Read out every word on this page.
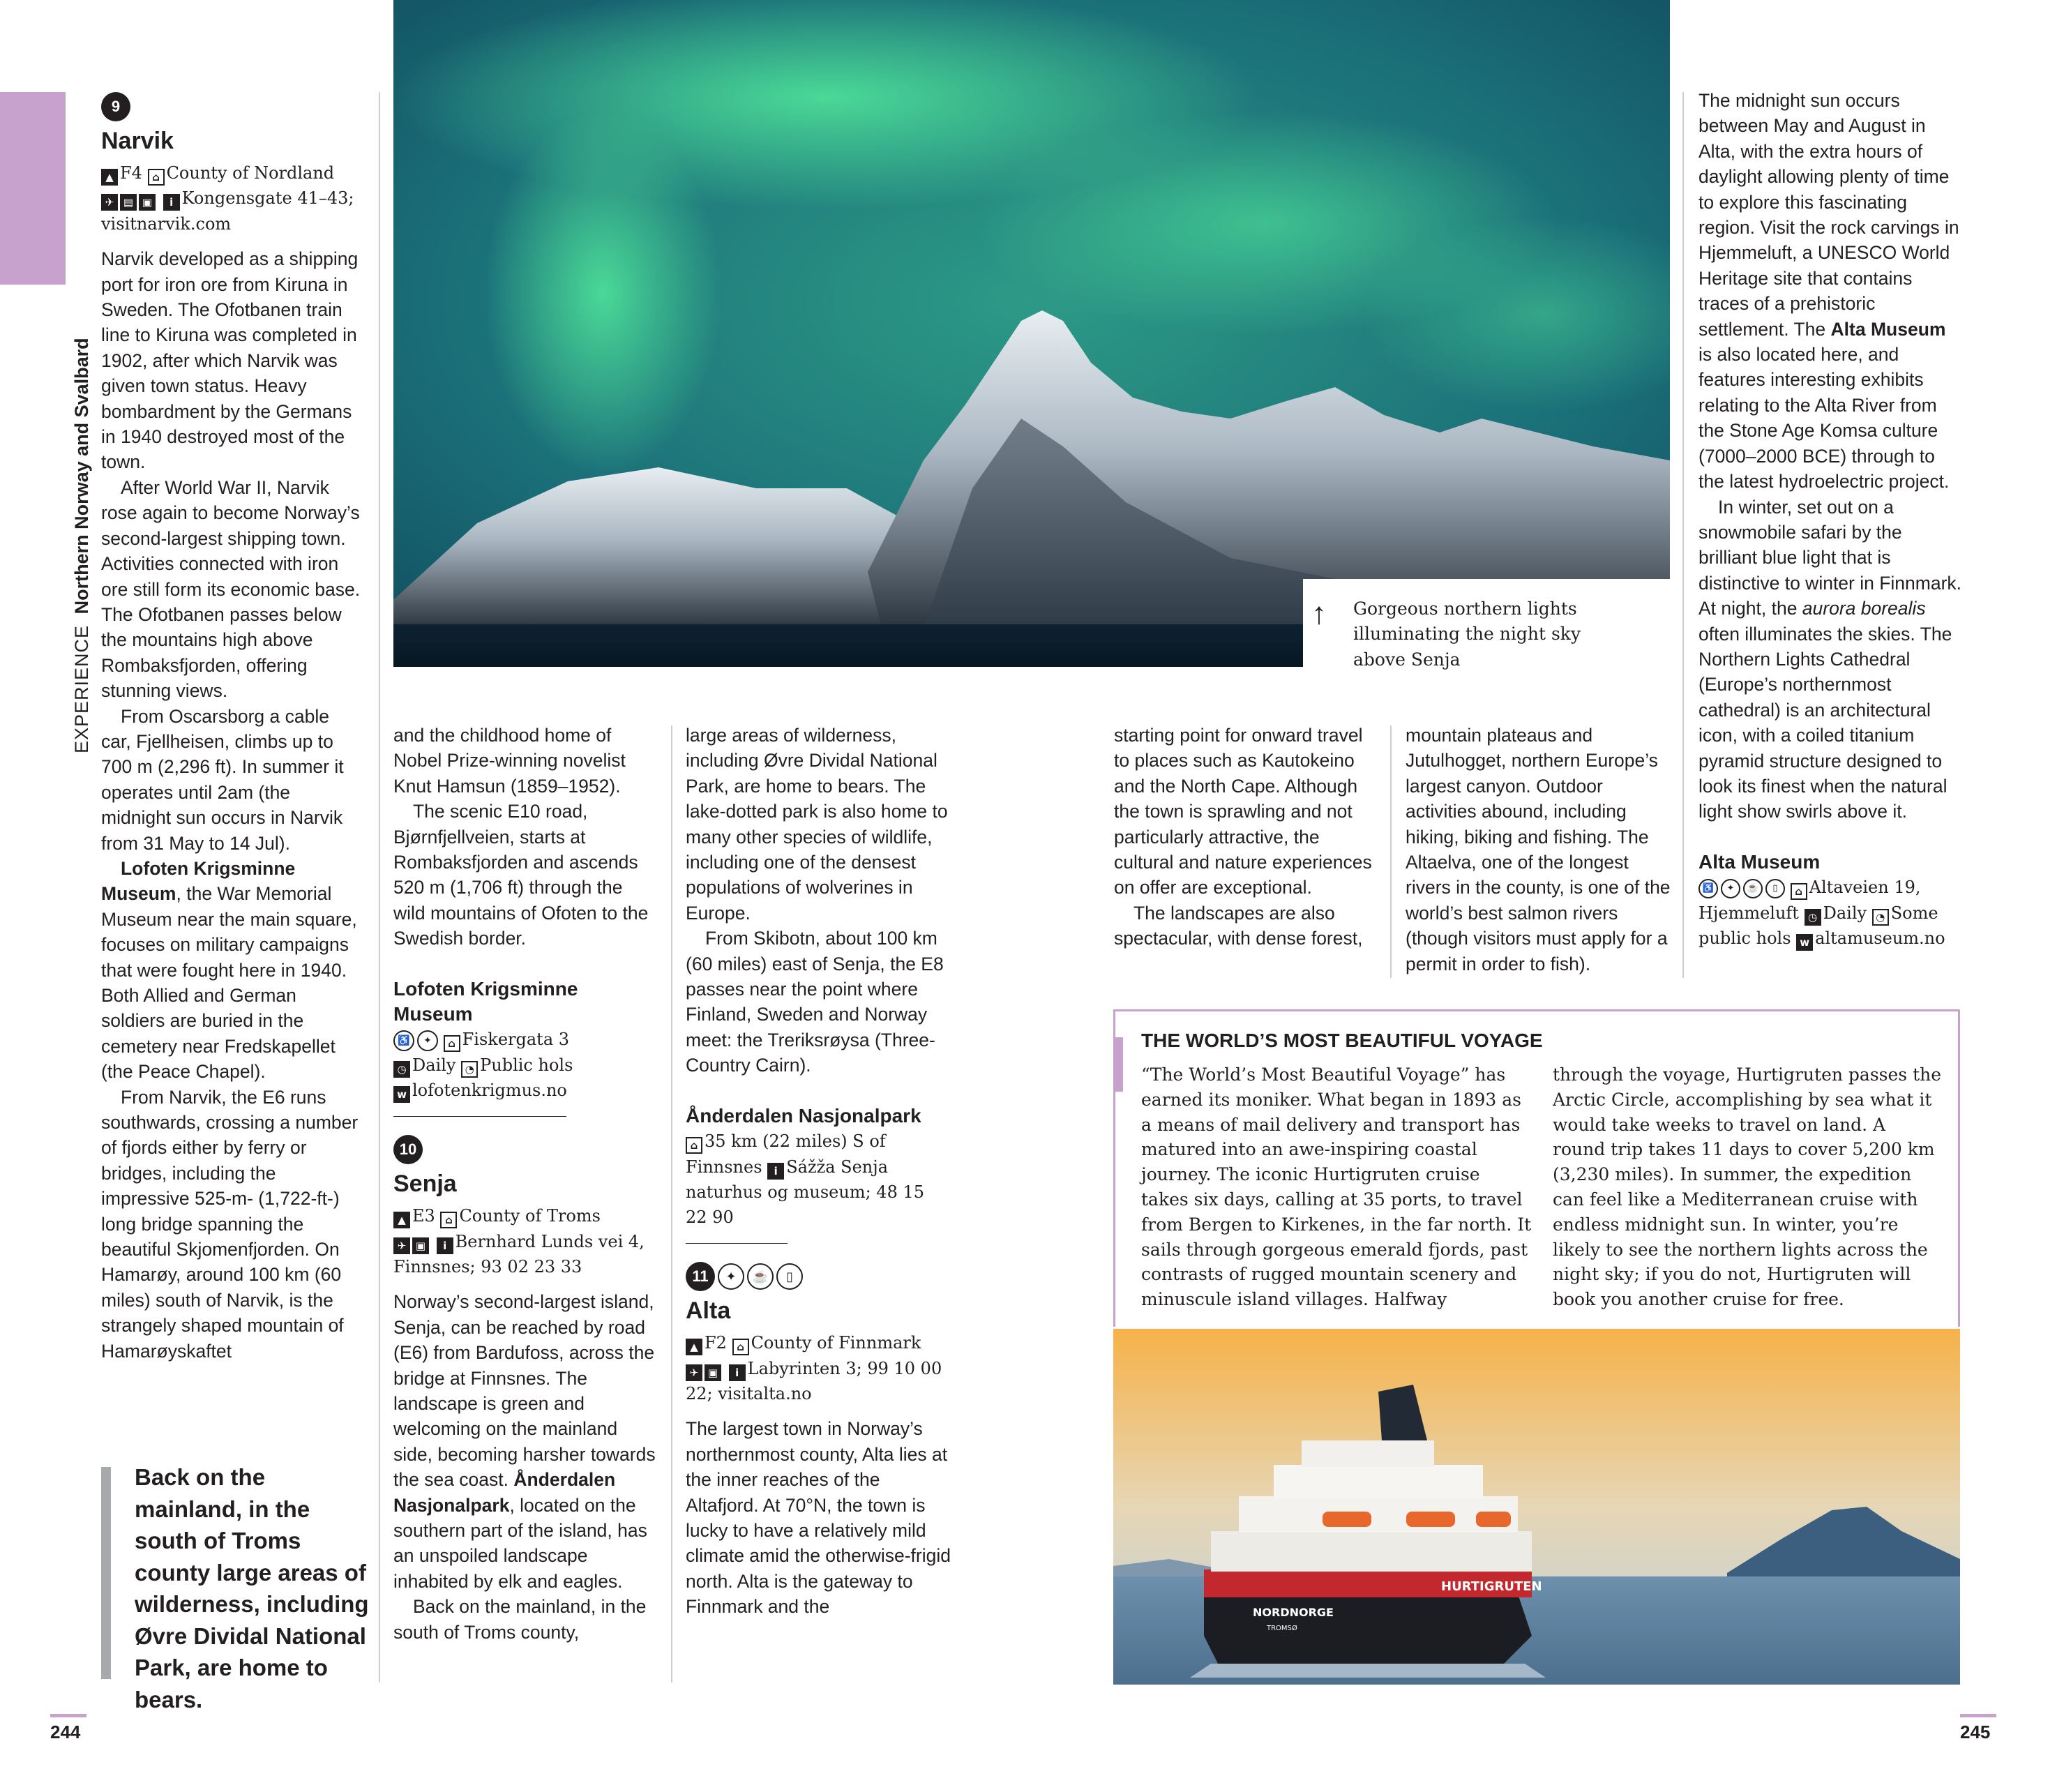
EXPERIENCE Northern Norway and Svalbard
9
Narvik
▲ F4 ⌂ County of Nordland
✈ ▤ ▣ i Kongensgate 41–43; visitnarvik.com

Narvik developed as a shipping port for iron ore from Kiruna in Sweden. The Ofotbanen train line to Kiruna was completed in 1902, after which Narvik was given town status. Heavy bombardment by the Germans in 1940 destroyed most of the town.

After World War II, Narvik rose again to become Norway’s second-largest shipping town. Activities connected with iron ore still form its economic base. The Ofotbanen passes below the mountains high above Rombaksfjorden, offering stunning views.

From Oscarsborg a cable car, Fjellheisen, climbs up to 700 m (2,296 ft). In summer it operates until 2am (the midnight sun occurs in Narvik from 31 May to 14 Jul).

Lofoten Krigsminne Museum, the War Memorial Museum near the main square, focuses on military campaigns that were fought here in 1940. Both Allied and German soldiers are buried in the cemetery near Fredskapellet (the Peace Chapel).

From Narvik, the E6 runs southwards, crossing a number of fjords either by ferry or bridges, including the impressive 525-m- (1,722-ft-) long bridge spanning the beautiful Skjomenfjorden. On Hamarøy, around 100 km (60 miles) south of Narvik, is the strangely shaped mountain of Hamarøyskaftet

Back on the mainland, in the south of Troms county large areas of wilderness, including Øvre Dividal National Park, are home to bears.

and the childhood home of Nobel Prize-winning novelist Knut Hamsun (1859–1952).

The scenic E10 road, Bjørnfjellveien, starts at Rombaksfjorden and ascends 520 m (1,706 ft) through the wild mountains of Ofoten to the Swedish border.

Lofoten Krigsminne Museum
♿ ✦ ⌂ Fiskergata 3
◷ Daily ◔ Public hols
w lofotenkrigmus.no
10
Senja
▲ E3 ⌂ County of Troms
✈ ▣ i Bernhard Lunds vei 4, Finnsnes; 93 02 23 33

Norway’s second-largest island, Senja, can be reached by road (E6) from Bardufoss, across the bridge at Finnsnes. The landscape is green and welcoming on the mainland side, becoming harsher towards the sea coast. Ånderdalen Nasjonalpark, located on the southern part of the island, has an unspoiled landscape inhabited by elk and eagles.

Back on the mainland, in the south of Troms county,

large areas of wilderness, including Øvre Dividal National Park, are home to bears. The lake-dotted park is also home to many other species of wildlife, including one of the densest populations of wolverines in Europe.

From Skibotn, about 100 km (60 miles) east of Senja, the E8 passes near the point where Finland, Sweden and Norway meet: the Treriksrøysa (Three-Country Cairn).

Ånderdalen Nasjonalpark
⌂ 35 km (22 miles) S of Finnsnes i Sážža Senja naturhus og museum; 48 15 22 90
11 ✦ ☕ ▯
Alta
▲ F2 ⌂ County of Finnmark
✈ ▣ i Labyrinten 3; 99 10 00 22; visitalta.no

The largest town in Norway’s northernmost county, Alta lies at the inner reaches of the Altafjord. At 70°N, the town is lucky to have a relatively mild climate amid the otherwise-frigid north. Alta is the gateway to Finnmark and the

starting point for onward travel to places such as Kautokeino and the North Cape. Although the town is sprawling and not particularly attractive, the cultural and nature experiences on offer are exceptional.

The landscapes are also spectacular, with dense forest,

mountain plateaus and Jutulhogget, northern Europe’s largest canyon. Outdoor activities abound, including hiking, biking and fishing. The Altaelva, one of the longest rivers in the county, is one of the world’s best salmon rivers (though visitors must apply for a permit in order to fish).

The midnight sun occurs between May and August in Alta, with the extra hours of daylight allowing plenty of time to explore this fascinating region. Visit the rock carvings in Hjemmeluft, a UNESCO World Heritage site that contains traces of a prehistoric settlement. The Alta Museum is also located here, and features interesting exhibits relating to the Alta River from the Stone Age Komsa culture (7000–2000 BCE) through to the latest hydroelectric project.

In winter, set out on a snowmobile safari by the brilliant blue light that is distinctive to winter in Finnmark. At night, the aurora borealis often illuminates the skies. The Northern Lights Cathedral (Europe’s northernmost cathedral) is an architectural icon, with a coiled titanium pyramid structure designed to look its finest when the natural light show swirls above it.

Alta Museum
♿ ✦ ☕ ▯ ⌂ Altaveien 19, Hjemmeluft ◷ Daily ◔ Some public hols w altamuseum.no
↑ Gorgeous northern lights illuminating the night sky above Senja
THE WORLD’S MOST BEAUTIFUL VOYAGE
“The World’s Most Beautiful Voyage” has earned its moniker. What began in 1893 as a means of mail delivery and transport has matured into an awe-inspiring coastal journey. The iconic Hurtigruten cruise takes six days, calling at 35 ports, to travel from Bergen to Kirkenes, in the far north. It sails through gorgeous emerald fjords, past contrasts of rugged mountain scenery and minuscule island villages. Halfway
through the voyage, Hurtigruten passes the Arctic Circle, accomplishing by sea what it would take weeks to travel on land. A round trip takes 11 days to cover 5,200 km (3,230 miles). In summer, the expedition can feel like a Mediterranean cruise with endless midnight sun. In winter, you’re likely to see the northern lights across the night sky; if you do not, Hurtigruten will book you another cruise for free.
NORDNORGE
TROMSØ
HURTIGRUTEN
244	245
